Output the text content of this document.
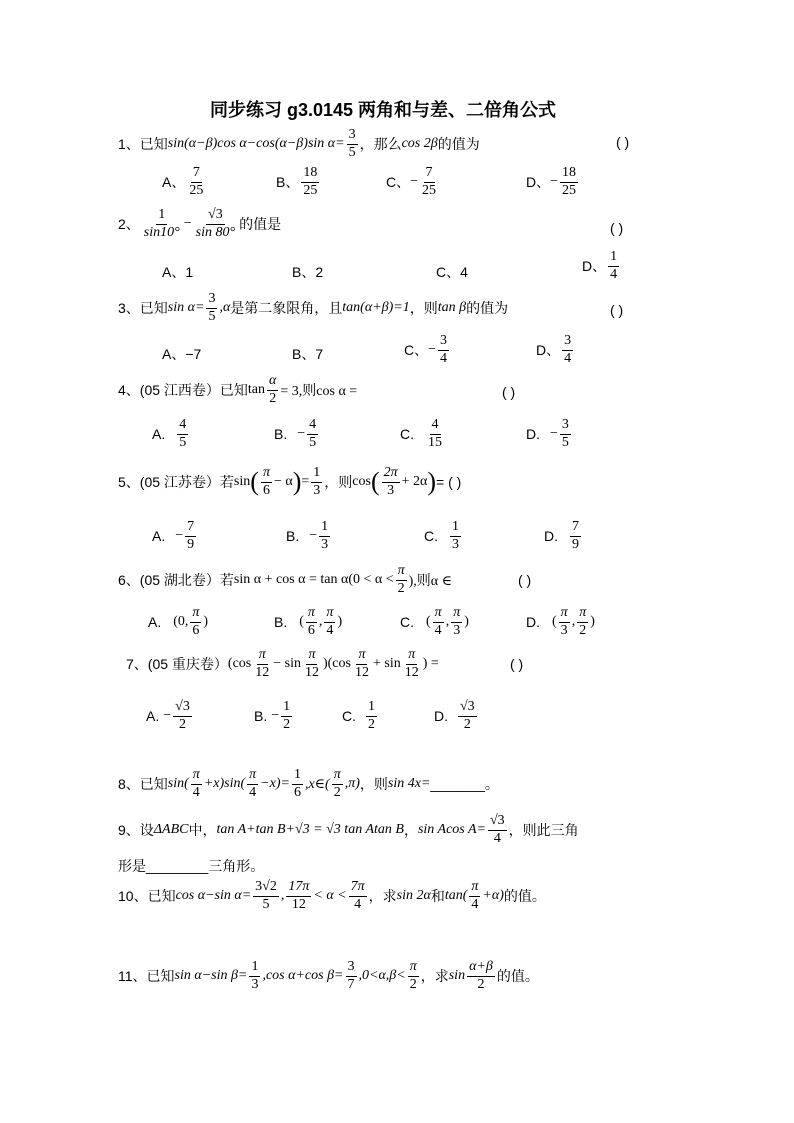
同步练习 g3.0145 两角和与差、二倍角公式
1、已知 sin(α−β)cos α−cos(α−β)sin $\alpha= \frac{3}{5}$ ，那么 cos 2β 的值为	( )
A、 $\frac{7}{25}$	B、 $\frac{18}{25}$	C、 − $\frac{7}{25}$	D、 − $\frac{18}{25}$
2、 $\frac{1}{\sin 10^\circ} - \frac{√3}{\sin 80^\circ}$ 的值是	( )
A、1	B、2	C、4	D、 $\frac{1}{4}$
3、已知 $\sin \alpha= \frac{3}{5} ,\alpha$ 是第二象限角，且 tan(α+β)=1 ，则 tan β 的值为	( )
A、−7	B、7	C、 − $\frac{3}{4}$	D、 $\frac{3}{4}$
4、(05 江西卷）已知 $\tan \frac{\alpha}{2} = 3$,则cos α =	( )
A. $\frac{4}{5}$	B. − $\frac{4}{5}$	C. $\frac{4}{15}$	D. − $\frac{3}{5}$
5、(05 江苏卷）若 sin ( $\frac{\pi}{6} - \alpha$ ) = $\frac{1}{3}$ ，则 cos ( $\frac{2\pi}{3} + 2\alpha$ ) = ( )
A. − $\frac{7}{9}$	B. − $\frac{1}{3}$	C. $\frac{1}{3}$	D. $\frac{7}{9}$
6、(05 湖北卷）若 $\sin \alpha + \cos \alpha = \tan \alpha(0 < \alpha < \frac{\pi}{2}$ ),则α ∈	( )
A. (0, $\frac{\pi}{6}$ )	B. ( $\frac{\pi}{6}$ , $\frac{\pi}{4}$ )	C. ( $\frac{\pi}{4}$ , $\frac{\pi}{3}$ )	D. ( $\frac{\pi}{3}$ , $\frac{\pi}{2}$ )
7、(05 重庆卷） $(\cos \frac{\pi}{12} - \sin \frac{\pi}{12} )(\cos \frac{\pi}{12} + \sin \frac{\pi}{12}$ ) =	( )
A. − $\frac{√3}{2}$	B. − $\frac{1}{2}$	C. $\frac{1}{2}$	D. $\frac{√3}{2}$
8、已知 $\sin( \frac{\pi}{4} +x)\sin( \frac{\pi}{4} -x)= \frac{1}{6}$ ,x∈( $\frac{\pi}{2} ,\pi$) ，则 sin 4x= _______ 。
9、设 ΔABC 中， tan A+tan B+√3 = √3 tan Atan B ， sin Acos $A= \frac{√3}{4}$ ，则此三角
形是 ________ 三角形。
10、已知 cos α−sin $\alpha= \frac{3√2}{5}$ , $\frac{17\pi}{12} < \alpha < \frac{7\pi}{4}$ ，求 sin 2α 和 $\tan( \frac{\pi}{4} +\alpha)$ 的值。
11、已知 sin α−sin $\beta= \frac{1}{3} ,\cos$ α+cos $\beta= \frac{3}{7} ,0<\alpha,\beta< \frac{\pi}{2}$ ，求 $\sin \frac{\alpha+\beta}{2}$ 的值。
